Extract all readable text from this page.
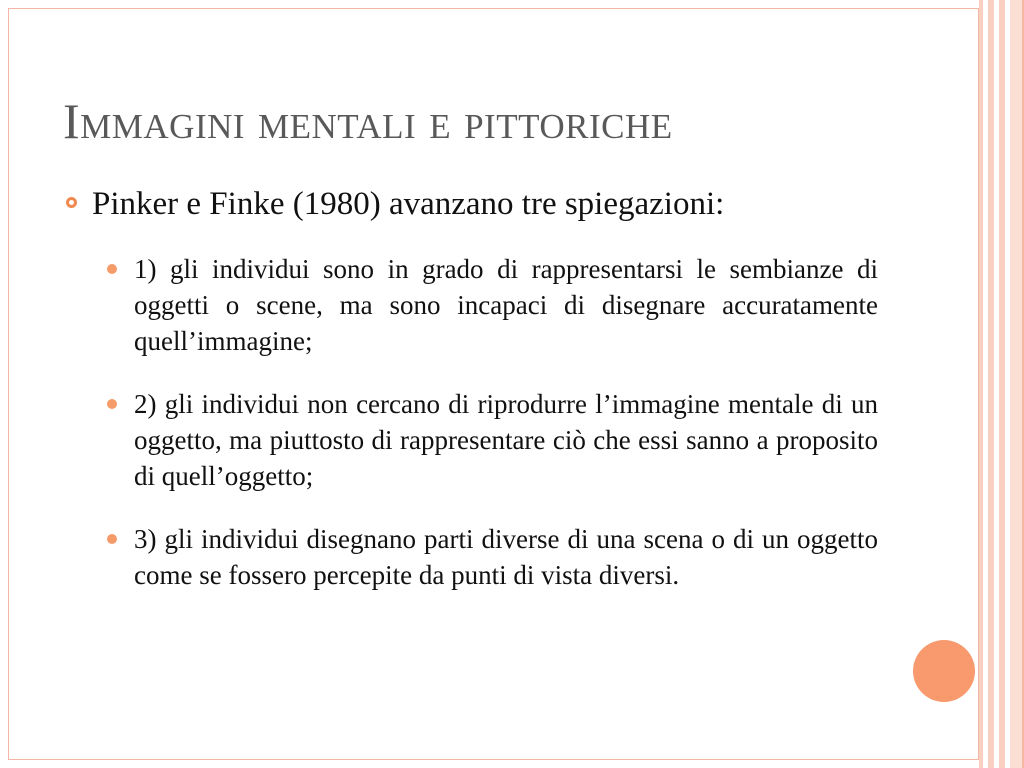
Immagini mentali e pittoriche

Pinker e Finke (1980) avanzano tre spiegazioni:

1) gli individui sono in grado di rappresentarsi le sembianze di oggetti o scene, ma sono incapaci di disegnare accuratamente quell’immagine;

2) gli individui non cercano di riprodurre l’immagine mentale di un oggetto, ma piuttosto di rappresentare ciò che essi sanno a proposito di quell’oggetto;

3) gli individui disegnano parti diverse di una scena o di un oggetto come se fossero percepite da punti di vista diversi.
